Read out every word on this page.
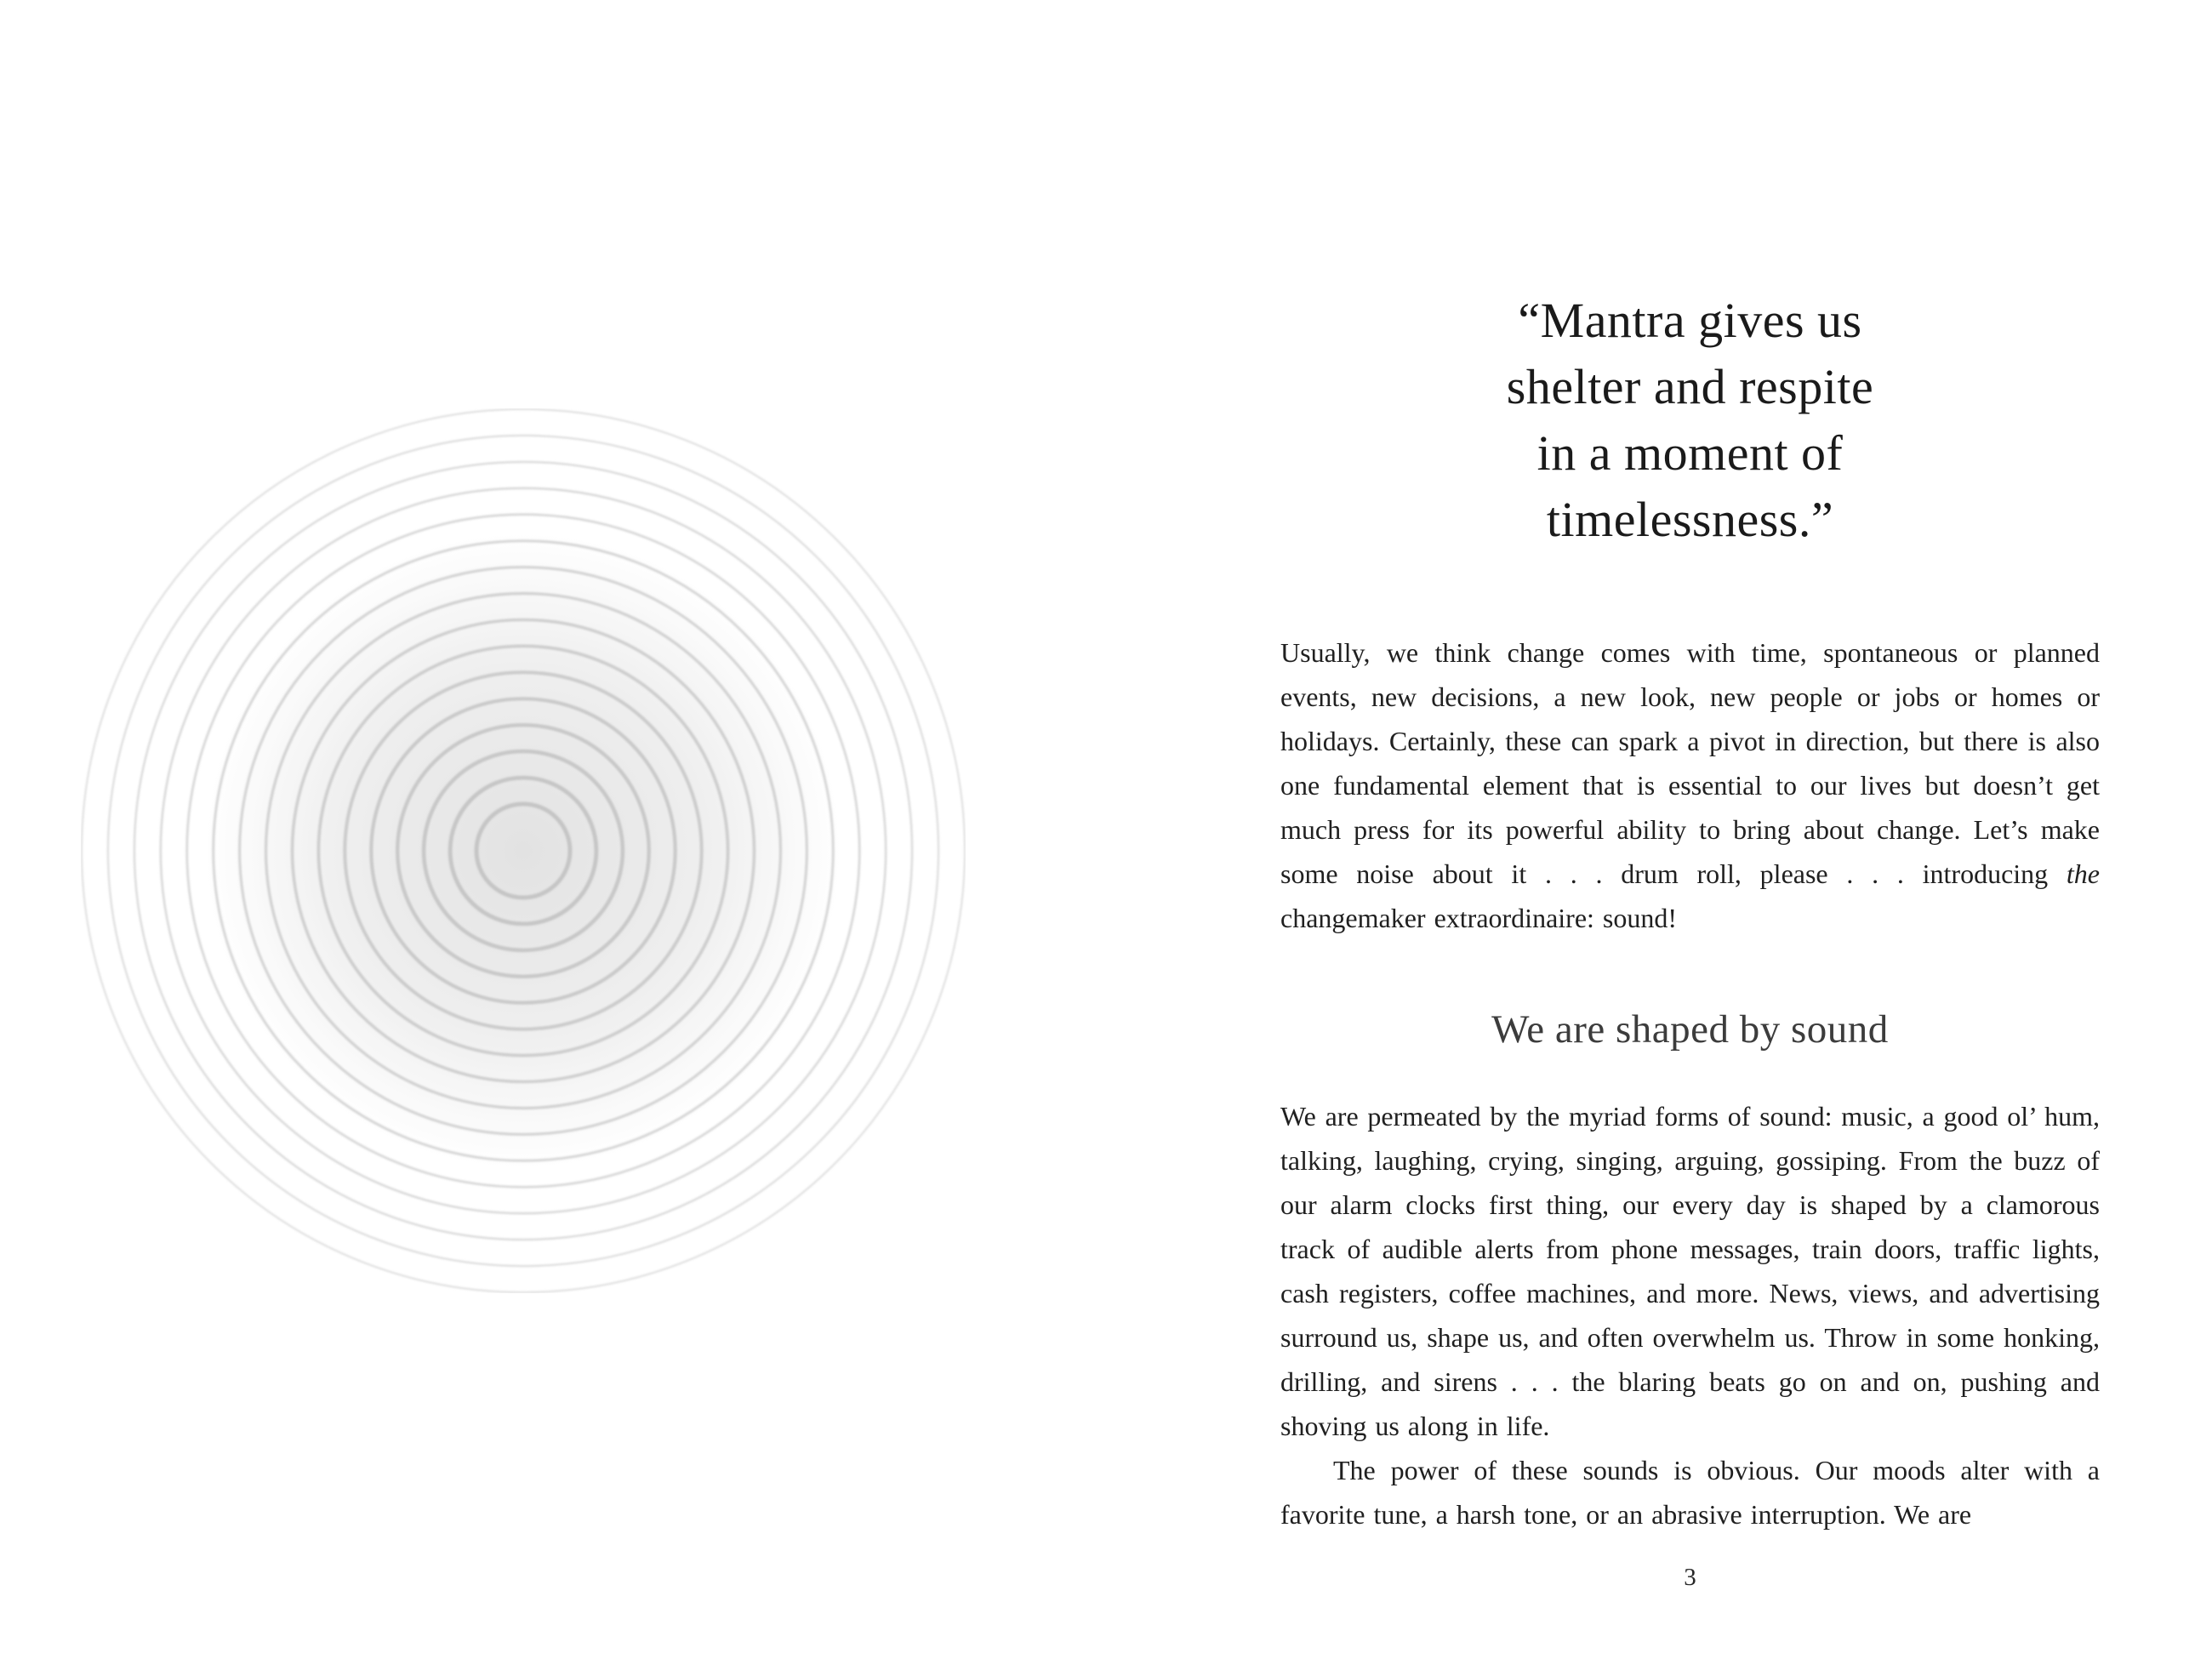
“Mantra gives us
shelter and respite
in a moment of
timelessness.”

Usually, we think change comes with time, spontaneous or planned events, new decisions, a new look, new people or jobs or homes or holidays. Certainly, these can spark a pivot in direction, but there is also one fundamental element that is essential to our lives but doesn’t get much press for its powerful ability to bring about change. Let’s make some noise about it . . . drum roll, please . . . introducing the changemaker extraordinaire: sound!

We are shaped by sound

We are permeated by the myriad forms of sound: music, a good ol’ hum, talking, laughing, crying, singing, arguing, gossiping. From the buzz of our alarm clocks first thing, our every day is shaped by a clamorous track of audible alerts from phone messages, train doors, traffic lights, cash registers, coffee machines, and more. News, views, and advertising surround us, shape us, and often overwhelm us. Throw in some honking, drilling, and sirens . . . the blaring beats go on and on, pushing and shoving us along in life.

The power of these sounds is obvious. Our moods alter with a favorite tune, a harsh tone, or an abrasive interruption. We are

3
